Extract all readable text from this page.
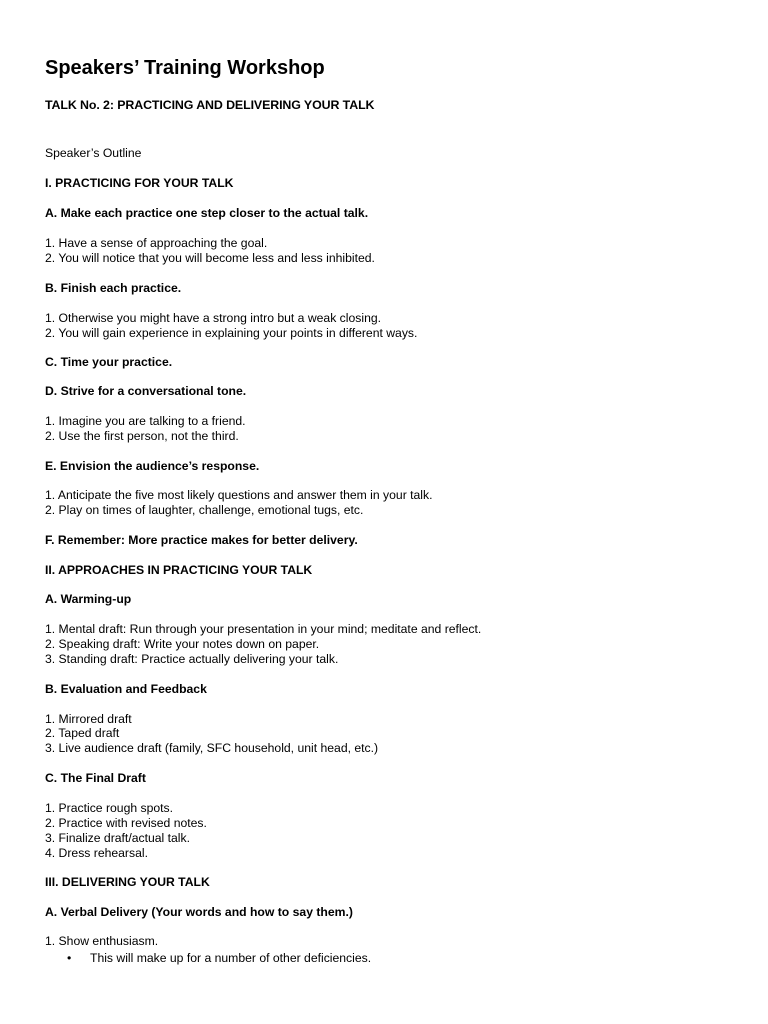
Speakers’ Training Workshop
TALK No. 2: PRACTICING AND DELIVERING YOUR TALK
Speaker’s Outline
I. PRACTICING FOR YOUR TALK
A. Make each practice one step closer to the actual talk.
1. Have a sense of approaching the goal.
2. You will notice that you will become less and less inhibited.
B. Finish each practice.
1. Otherwise you might have a strong intro but a weak closing.
2. You will gain experience in explaining your points in different ways.
C. Time your practice.
D. Strive for a conversational tone.
1. Imagine you are talking to a friend.
2. Use the first person, not the third.
E. Envision the audience’s response.
1. Anticipate the five most likely questions and answer them in your talk.
2. Play on times of laughter, challenge, emotional tugs, etc.
F. Remember: More practice makes for better delivery.
II. APPROACHES IN PRACTICING YOUR TALK
A. Warming-up
1. Mental draft: Run through your presentation in your mind; meditate and reflect.
2. Speaking draft: Write your notes down on paper.
3. Standing draft: Practice actually delivering your talk.
B. Evaluation and Feedback
1. Mirrored draft
2. Taped draft
3. Live audience draft (family, SFC household, unit head, etc.)
C. The Final Draft
1. Practice rough spots.
2. Practice with revised notes.
3. Finalize draft/actual talk.
4. Dress rehearsal.
III. DELIVERING YOUR TALK
A. Verbal Delivery (Your words and how to say them.)
1. Show enthusiasm.
• This will make up for a number of other deficiencies.
